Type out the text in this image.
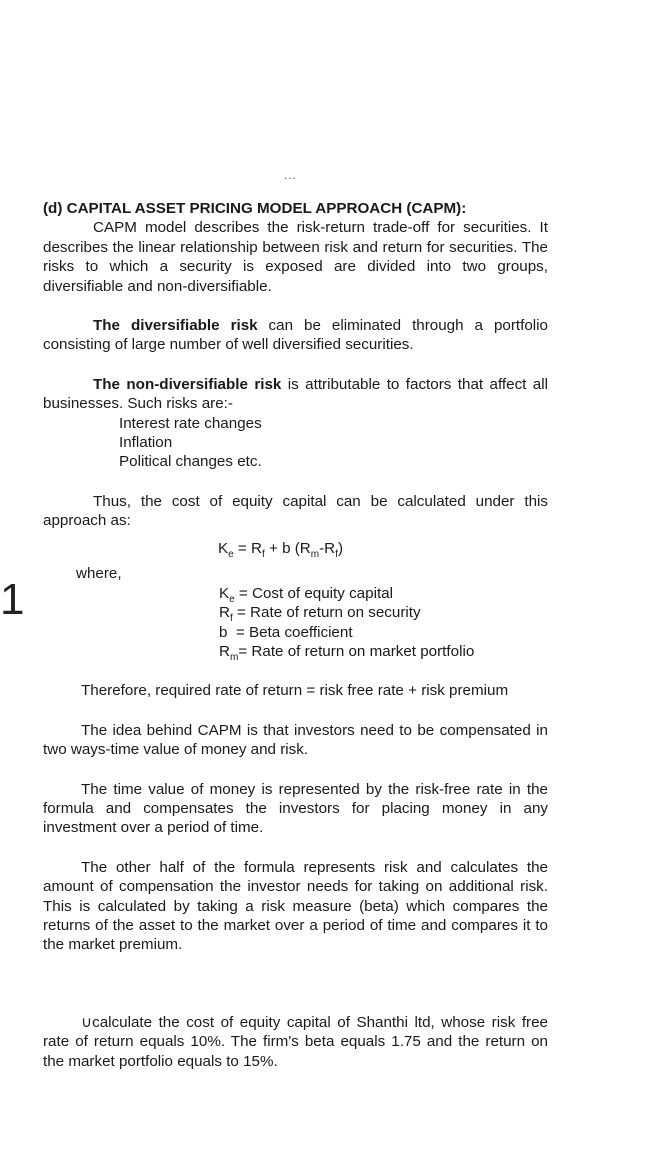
...
1

(d) CAPITAL ASSET PRICING MODEL APPROACH (CAPM):

CAPM model describes the risk-return trade-off for securities. It describes the linear relationship between risk and return for securities. The risks to which a security is exposed are divided into two groups, diversifiable and non-diversifiable.

The diversifiable risk can be eliminated through a portfolio consisting of large number of well diversified securities.

The non-diversifiable risk is attributable to factors that affect all businesses. Such risks are:-

Interest rate changes
Inflation
Political changes etc.

Thus, the cost of equity capital can be calculated under this approach as:

$K_e = R_f + b$ $(R_m-R_f)$
where,
$K_e$ = Cost of equity capital
$R_f$ = Rate of return on security
b  = Beta coefficient
$R_m=$ Rate of return on market portfolio

Therefore, required rate of return = risk free rate + risk premium

The idea behind CAPM is that investors need to be compensated in two ways-time value of money and risk.

The time value of money is represented by the risk-free rate in the formula and compensates the investors for placing money in any investment over a period of time.

The other half of the formula represents risk and calculates the amount of compensation the investor needs for taking on additional risk. This is calculated by taking a risk measure (beta) which compares the returns of the asset to the market over a period of time and compares it to the market premium.

∪calculate the cost of equity capital of Shanthi ltd, whose risk free rate of return equals 10%. The firm's beta equals 1.75 and the return on the market portfolio equals to 15%.
